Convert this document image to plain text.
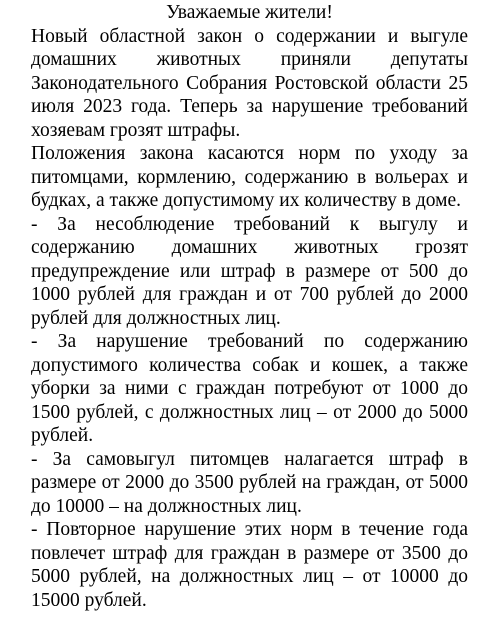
Уважаемые жители!

Новый областной закон о содержании и выгуле домашних животных приняли депутаты Законодательного Собрания Ростовской области 25 июля 2023 года. Теперь за нарушение требований хозяевам грозят штрафы.

Положения закона касаются норм по уходу за питомцами, кормлению, содержанию в вольерах и будках, а также допустимому их количеству в доме.

- За несоблюдение требований к выгулу и содержанию домашних животных грозят предупреждение или штраф в размере от 500 до 1000 рублей для граждан и от 700 рублей до 2000 рублей для должностных лиц.

- За нарушение требований по содержанию допустимого количества собак и кошек, а также уборки за ними с граждан потребуют от 1000 до 1500 рублей, с должностных лиц – от 2000 до 5000 рублей.

- За самовыгул питомцев налагается штраф в размере от 2000 до 3500 рублей на граждан, от 5000 до 10000 – на должностных лиц.

- Повторное нарушение этих норм в течение года повлечет штраф для граждан в размере от 3500 до 5000 рублей, на должностных лиц – от 10000 до 15000 рублей.
